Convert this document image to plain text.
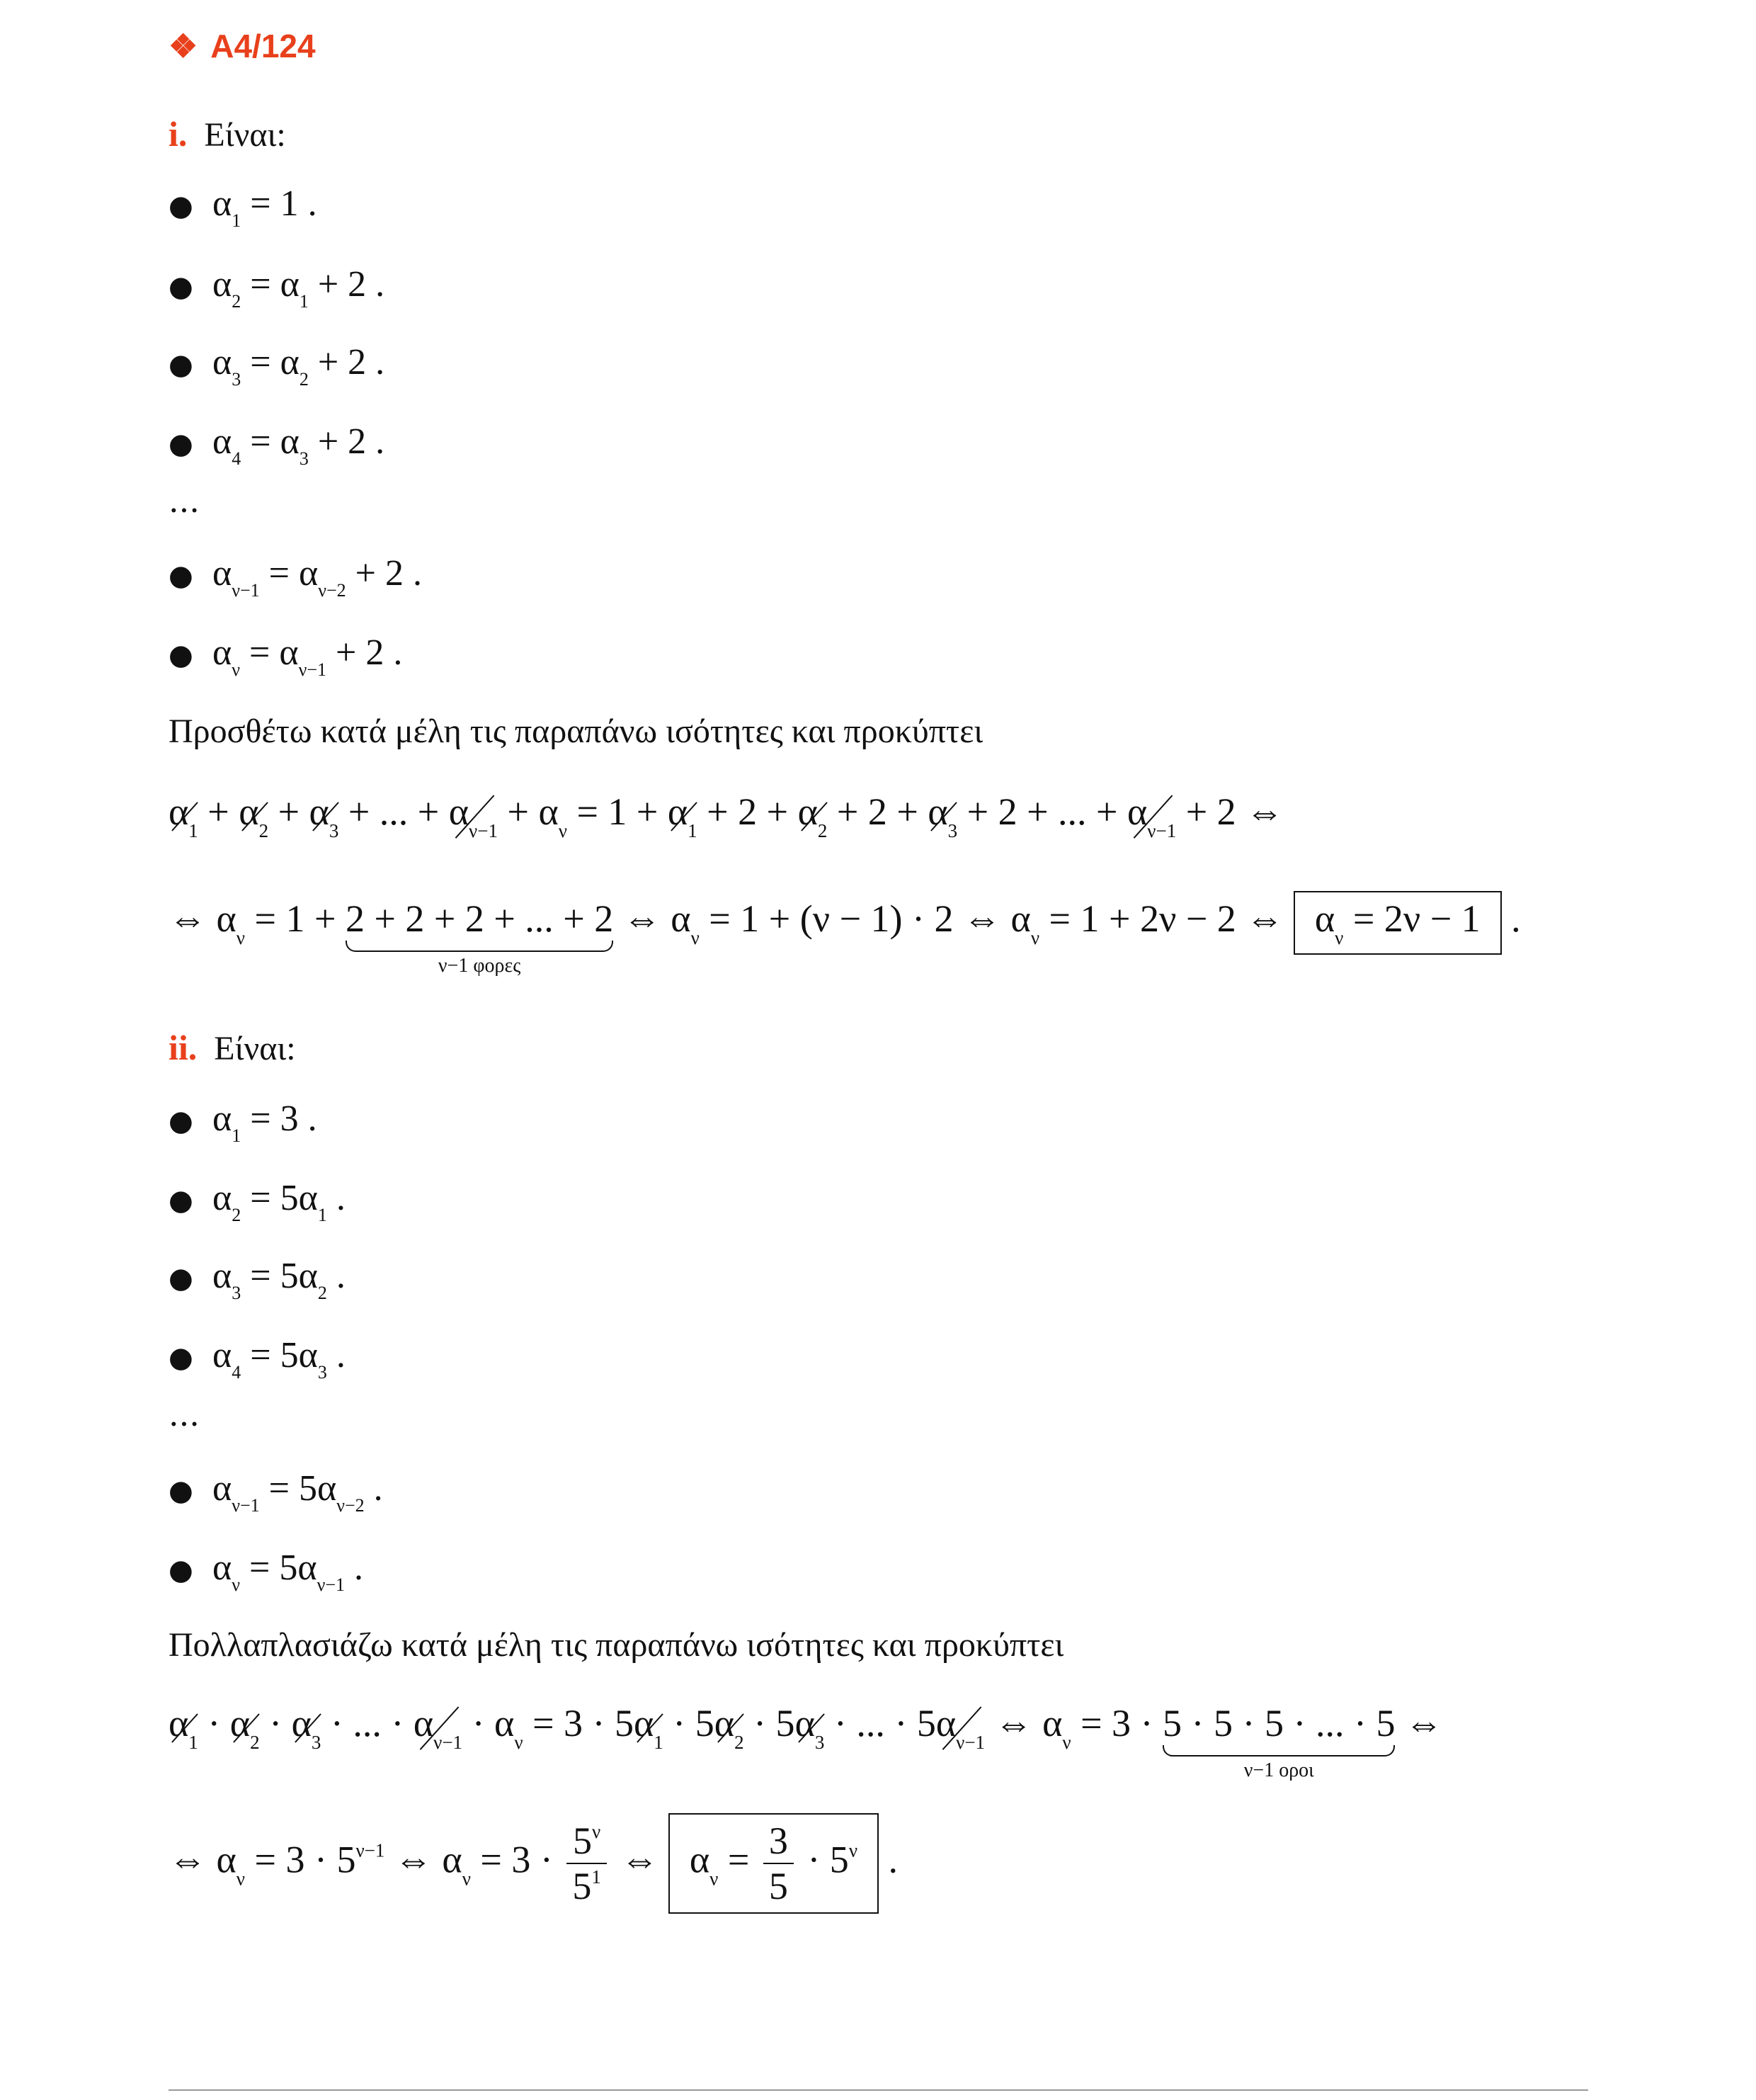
❖ A4/124
i. Είναι:
● $\alpha_1 = 1$ .
● $\alpha_2 = \alpha_1 + 2$ .
● $\alpha_3 = \alpha_2 + 2$ .
● $\alpha_4 = \alpha_3 + 2$ .
...
● $\alpha_{\nu-1} = \alpha_{\nu-2} + 2$ .
● $\alpha_\nu = \alpha_{\nu-1} + 2$ .
Προσθέτω κατά μέλη τις παραπάνω ισότητες και προκύπτει
$\alpha_1 + \alpha_2 + \alpha_3$ + ... + $\alpha_{\nu-1} + \alpha_\nu = 1 + \alpha_1 + 2 + \alpha_2 + 2 + \alpha_3 + 2$ + ... + $\alpha_{\nu-1} + 2$ ⇔
⇔ $\alpha_\nu = 1 + 2 + 2 + 2$ + ... + 2
ν−1 φορες
⇔ $\alpha_\nu = 1 + (\nu - 1) \cdot 2$ ⇔ $\alpha_\nu = 1 + 2\nu - 2$ ⇔ $\alpha_\nu = 2\nu - 1$ .
ii. Είναι:
● $\alpha_1 = 3$ .
● $\alpha_2 = 5\alpha_1$ .
● $\alpha_3 = 5\alpha_2$ .
● $\alpha_4 = 5\alpha_3$ .
...
● $\alpha_{\nu-1} = 5\alpha_{\nu-2}$ .
● $\alpha_\nu = 5\alpha_{\nu-1}$ .
Πολλαπλασιάζω κατά μέλη τις παραπάνω ισότητες και προκύπτει
$\alpha_1 \cdot \alpha_2 \cdot \alpha_3$ · ... · $\alpha_{\nu-1} \cdot \alpha_\nu = 3 \cdot 5\alpha_1 \cdot 5\alpha_2 \cdot 5\alpha_3$ · ... · $5\alpha_{\nu-1}$ ⇔ $\alpha_\nu = 3 \cdot 5 \cdot 5 \cdot 5$ · ... · 5
ν−1 οροι
⇔
⇔ $\alpha_\nu = 3 \cdot 5^{\nu-1}$ ⇔ $\alpha_\nu = 3 \cdot \frac{5^\nu}{5^1}$ ⇔ $\alpha_\nu = \frac{3}{5} \cdot 5^\nu$ .
